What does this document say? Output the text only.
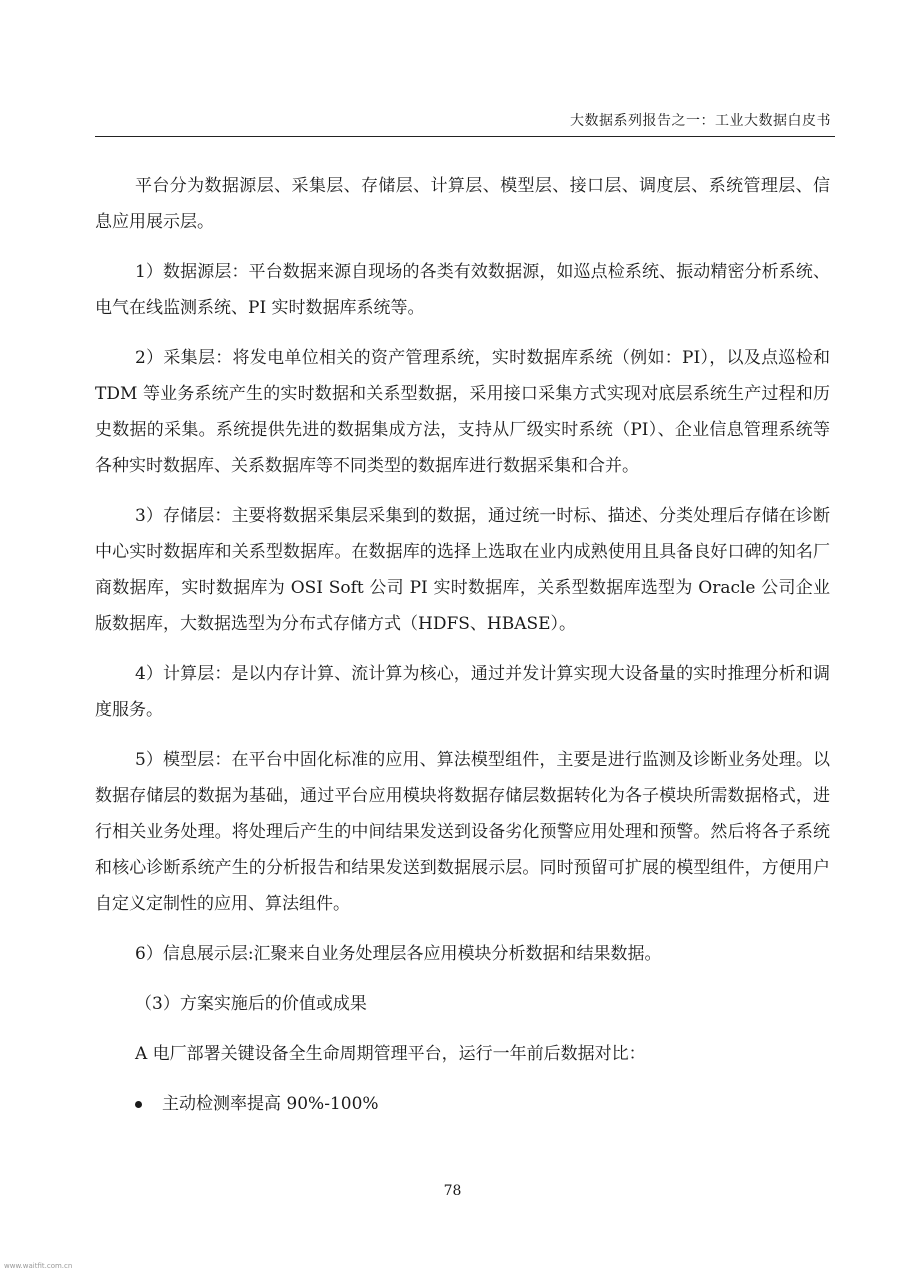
大数据系列报告之一：工业大数据白皮书

平台分为数据源层、采集层、存储层、计算层、模型层、接口层、调度层、系统管理层、信息应用展示层。

1）数据源层：平台数据来源自现场的各类有效数据源，如巡点检系统、振动精密分析系统、电气在线监测系统、PI 实时数据库系统等。

2）采集层：将发电单位相关的资产管理系统，实时数据库系统（例如：PI），以及点巡检和 TDM 等业务系统产生的实时数据和关系型数据，采用接口采集方式实现对底层系统生产过程和历史数据的采集。系统提供先进的数据集成方法，支持从厂级实时系统（PI）、企业信息管理系统等各种实时数据库、关系数据库等不同类型的数据库进行数据采集和合并。

3）存储层：主要将数据采集层采集到的数据，通过统一时标、描述、分类处理后存储在诊断中心实时数据库和关系型数据库。在数据库的选择上选取在业内成熟使用且具备良好口碑的知名厂商数据库，实时数据库为 OSI Soft 公司 PI 实时数据库，关系型数据库选型为 Oracle 公司企业版数据库，大数据选型为分布式存储方式（HDFS、HBASE）。

4）计算层：是以内存计算、流计算为核心，通过并发计算实现大设备量的实时推理分析和调度服务。

5）模型层：在平台中固化标准的应用、算法模型组件，主要是进行监测及诊断业务处理。以数据存储层的数据为基础，通过平台应用模块将数据存储层数据转化为各子模块所需数据格式，进行相关业务处理。将处理后产生的中间结果发送到设备劣化预警应用处理和预警。然后将各子系统和核心诊断系统产生的分析报告和结果发送到数据展示层。同时预留可扩展的模型组件，方便用户自定义定制性的应用、算法组件。

6）信息展示层:汇聚来自业务处理层各应用模块分析数据和结果数据。

（3）方案实施后的价值或成果

A 电厂部署关键设备全生命周期管理平台，运行一年前后数据对比：

主动检测率提高 90%-100%
78
www.waitfit.com.cn
